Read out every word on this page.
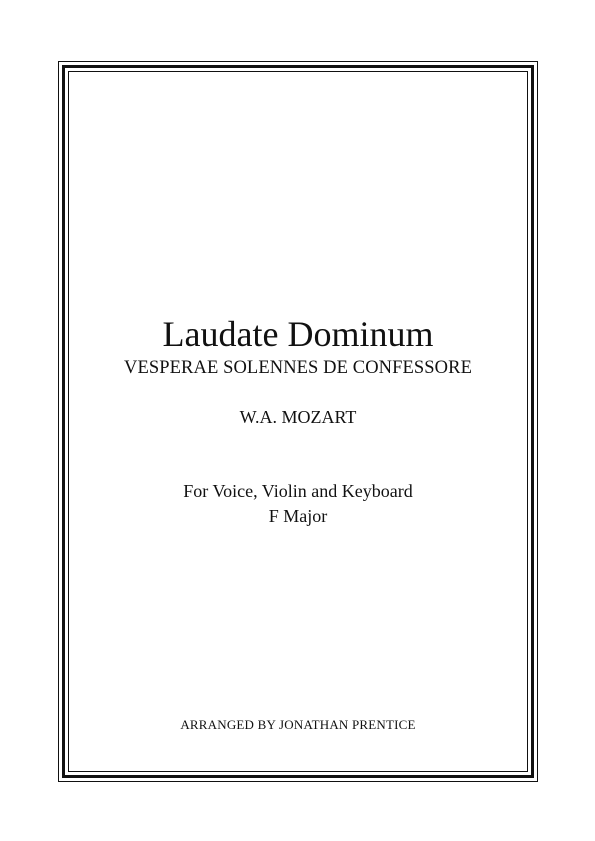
Laudate Dominum
VESPERAE SOLENNES DE CONFESSORE
W.A. MOZART
For Voice, Violin and Keyboard
F Major
ARRANGED BY JONATHAN PRENTICE
